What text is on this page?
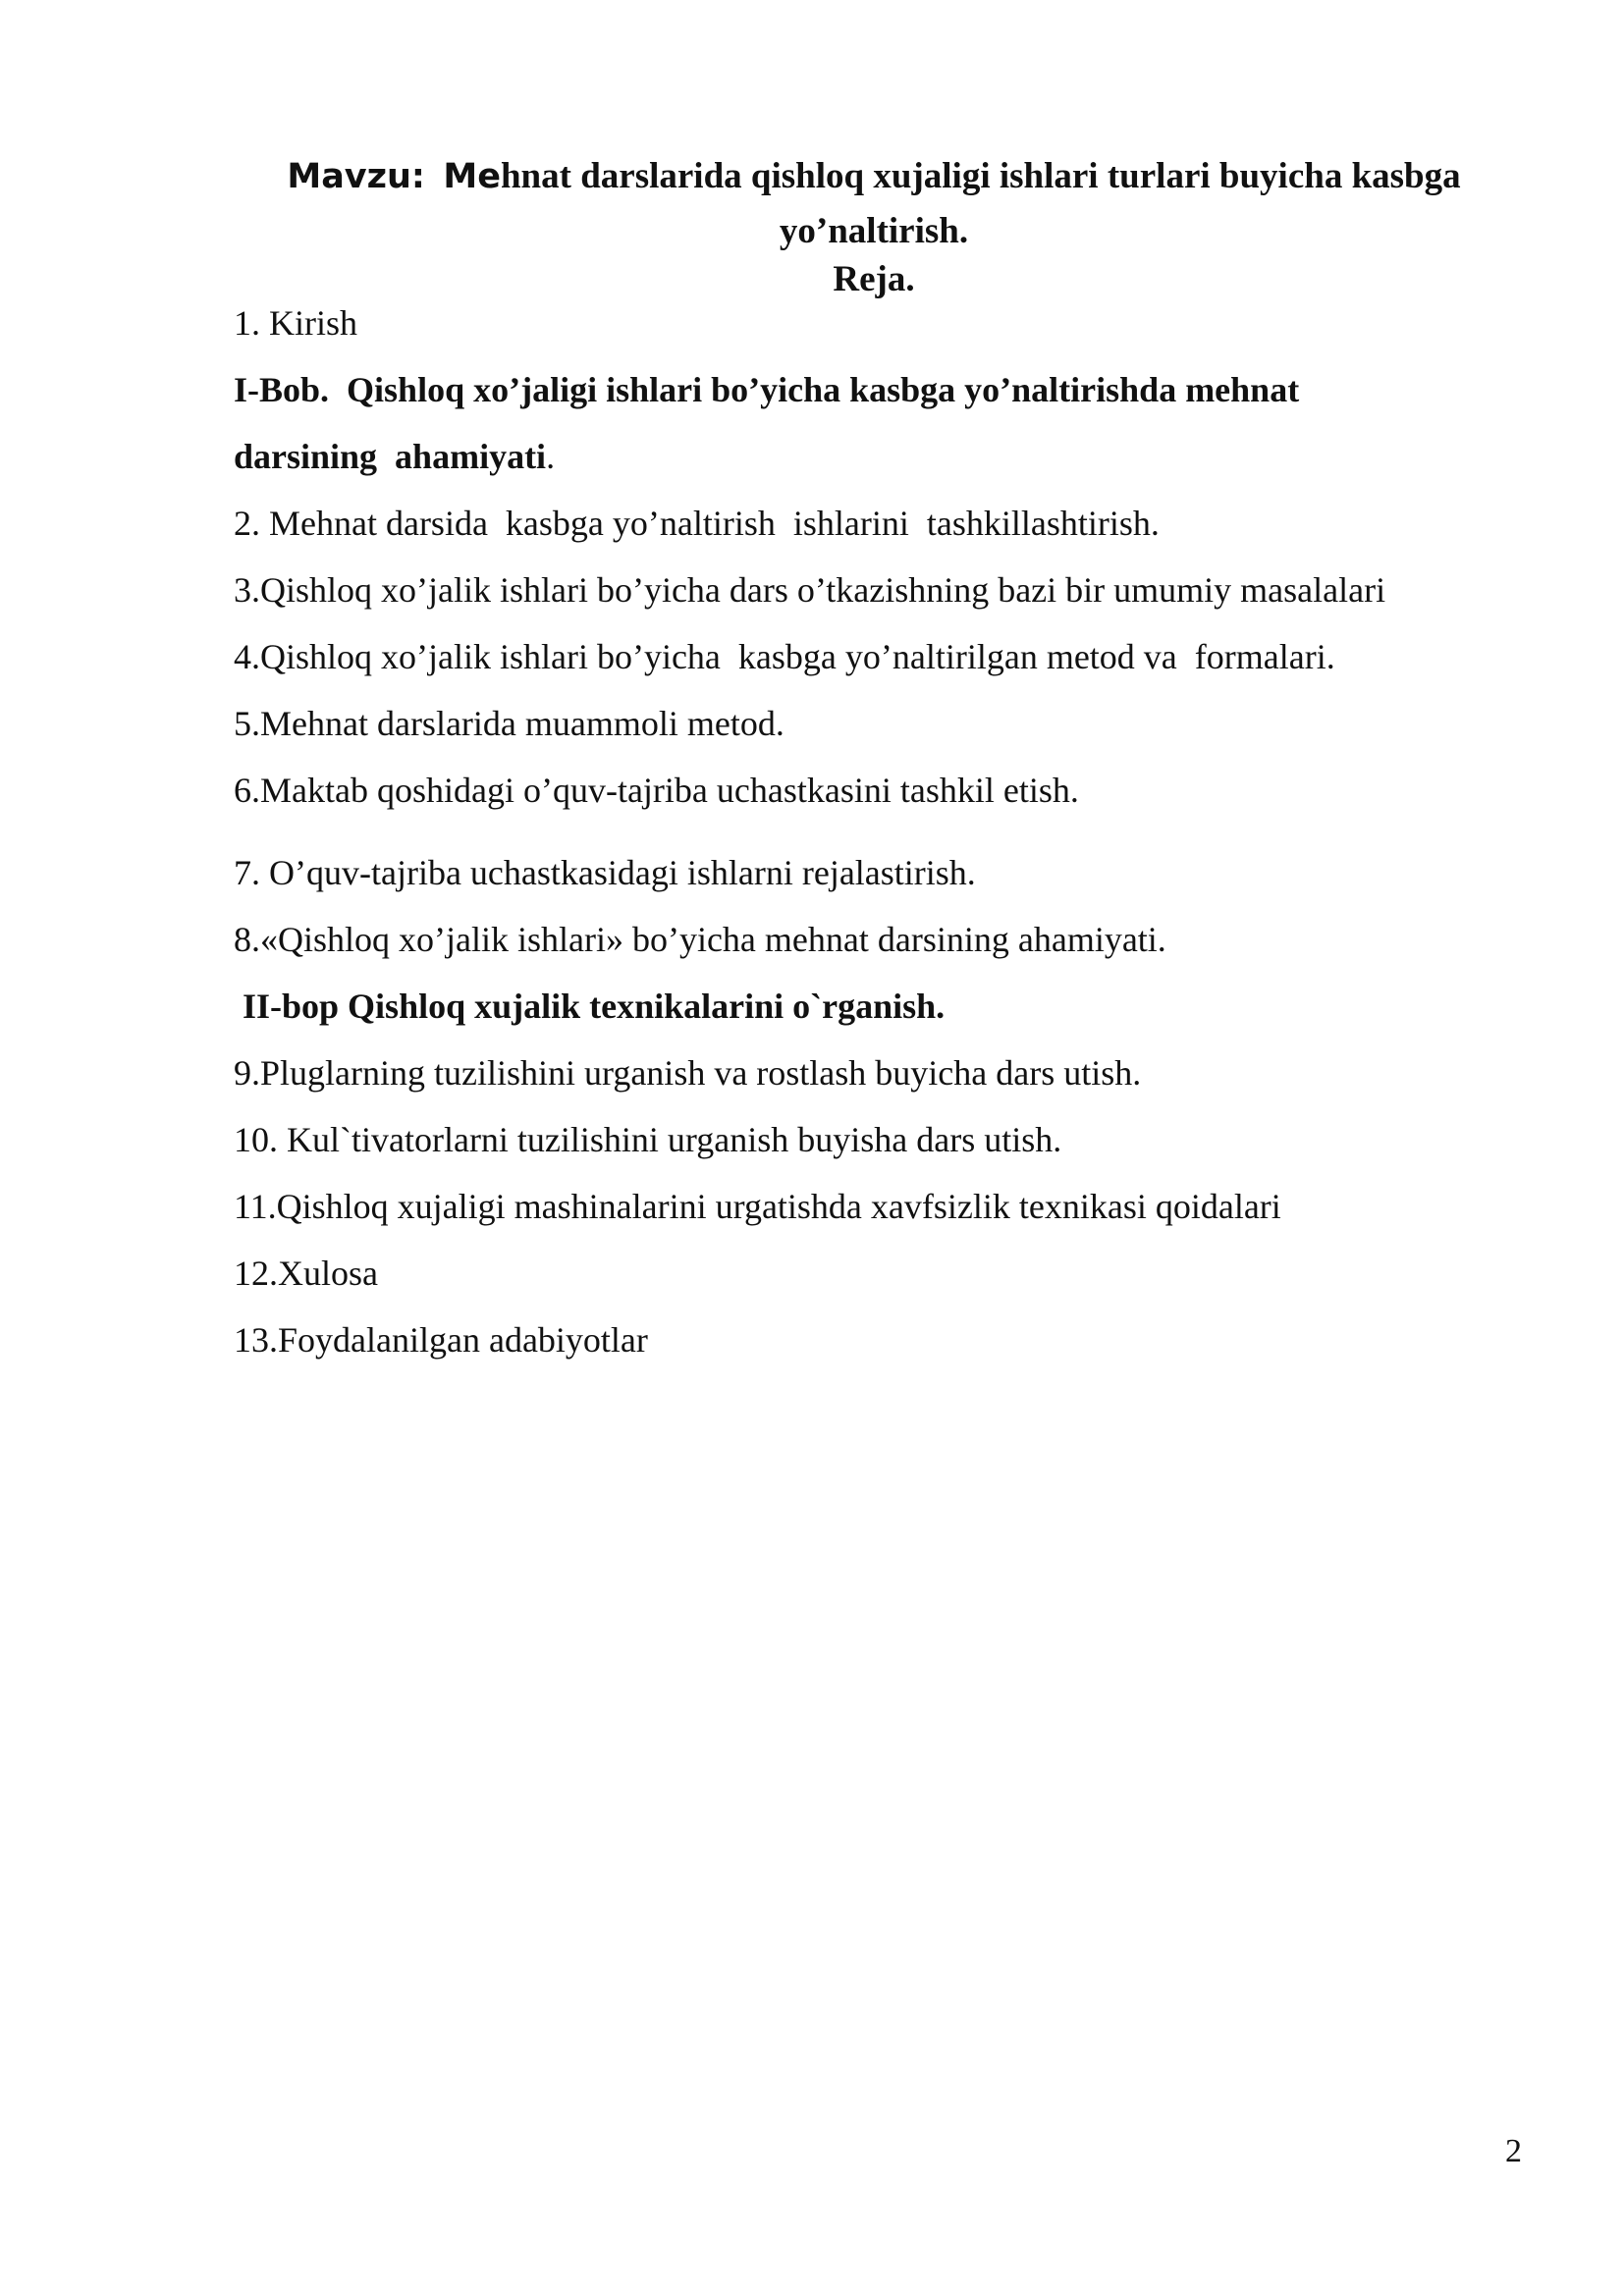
Mavzu: Mehnat darslarida qishloq xujaligi ishlari turlari buyicha kasbga
yo’naltirish.

Reja.

1. Kirish

I-Bob.  Qishloq xo’jaligi ishlari bo’yicha kasbga yo’naltirishda mehnat

darsining  ahamiyati.

2. Mehnat darsida  kasbga yo’naltirish  ishlarini  tashkillashtirish.

3.Qishloq xo’jalik ishlari bo’yicha dars o’tkazishning bazi bir umumiy masalalari

4.Qishloq xo’jalik ishlari bo’yicha  kasbga yo’naltirilgan metod va  formalari.

5.Mehnat darslarida muammoli metod.

6.Maktab qoshidagi o’quv-tajriba uchastkasini tashkil etish.

7. O’quv-tajriba uchastkasidagi ishlarni rejalastirish.

8.«Qishloq xo’jalik ishlari» bo’yicha mehnat darsining ahamiyati.

II-bop Qishloq xujalik texnikalarini o`rganish.

9.Pluglarning tuzilishini urganish va rostlash buyicha dars utish.

10. Kul`tivatorlarni tuzilishini urganish buyisha dars utish.

11.Qishloq xujaligi mashinalarini urgatishda xavfsizlik texnikasi qoidalari

12.Xulosa

13.Foydalanilgan adabiyotlar

2
